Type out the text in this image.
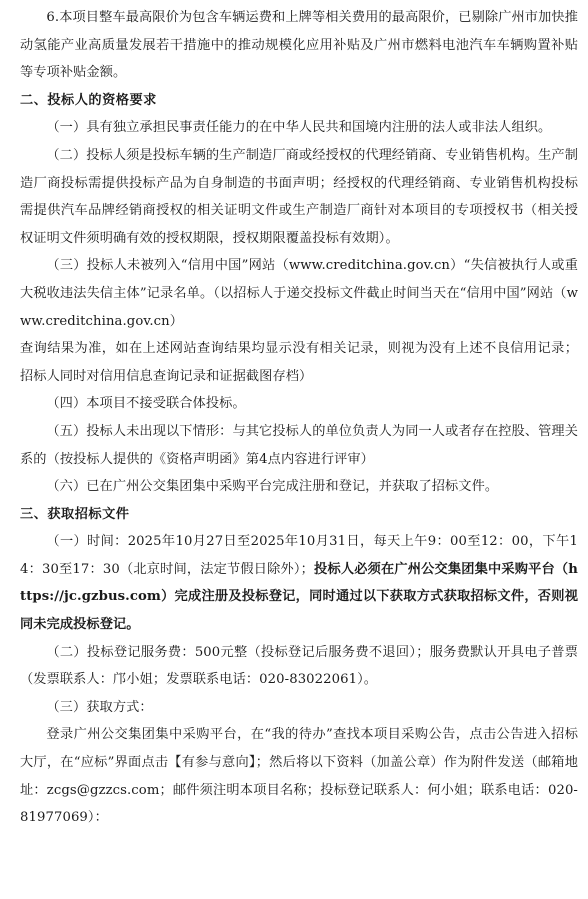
6.本项目整车最高限价为包含车辆运费和上牌等相关费用的最高限价，已剔除广州市加快推动氢能产业高质量发展若干措施中的推动规模化应用补贴及广州市燃料电池汽车车辆购置补贴等专项补贴金额。

二、投标人的资格要求

（一）具有独立承担民事责任能力的在中华人民共和国境内注册的法人或非法人组织。

（二）投标人须是投标车辆的生产制造厂商或经授权的代理经销商、专业销售机构。生产制造厂商投标需提供投标产品为自身制造的书面声明；经授权的代理经销商、专业销售机构投标需提供汽车品牌经销商授权的相关证明文件或生产制造厂商针对本项目的专项授权书（相关授权证明文件须明确有效的授权期限，授权期限覆盖投标有效期）。

（三）投标人未被列入“信用中国”网站（www.creditchina.gov.cn）“失信被执行人或重大税收违法失信主体”记录名单。（以招标人于递交投标文件截止时间当天在“信用中国”网站（www.creditchina.gov.cn）

查询结果为准，如在上述网站查询结果均显示没有相关记录，则视为没有上述不良信用记录；招标人同时对信用信息查询记录和证据截图存档）

（四）本项目不接受联合体投标。

（五）投标人未出现以下情形：与其它投标人的单位负责人为同一人或者存在控股、管理关系的（按投标人提供的《资格声明函》第4点内容进行评审）

（六）已在广州公交集团集中采购平台完成注册和登记，并获取了招标文件。

三、获取招标文件

（一）时间：2025年10月27日至2025年10月31日，每天上午9：00至12：00，下午14：30至17：30（北京时间，法定节假日除外）；投标人必须在广州公交集团集中采购平台（https://jc.gzbus.com）完成注册及投标登记，同时通过以下获取方式获取招标文件，否则视同未完成投标登记。

（二）投标登记服务费：500元整（投标登记后服务费不退回）；服务费默认开具电子普票（发票联系人：邝小姐；发票联系电话：020-83022061）。

（三）获取方式：

登录广州公交集团集中采购平台，在“我的待办”查找本项目采购公告，点击公告进入招标大厅，在“应标”界面点击【有参与意向】；然后将以下资料（加盖公章）作为附件发送（邮箱地址：zcgs@gzzcs.com；邮件须注明本项目名称；投标登记联系人：何小姐；联系电话：020-81977069）：
